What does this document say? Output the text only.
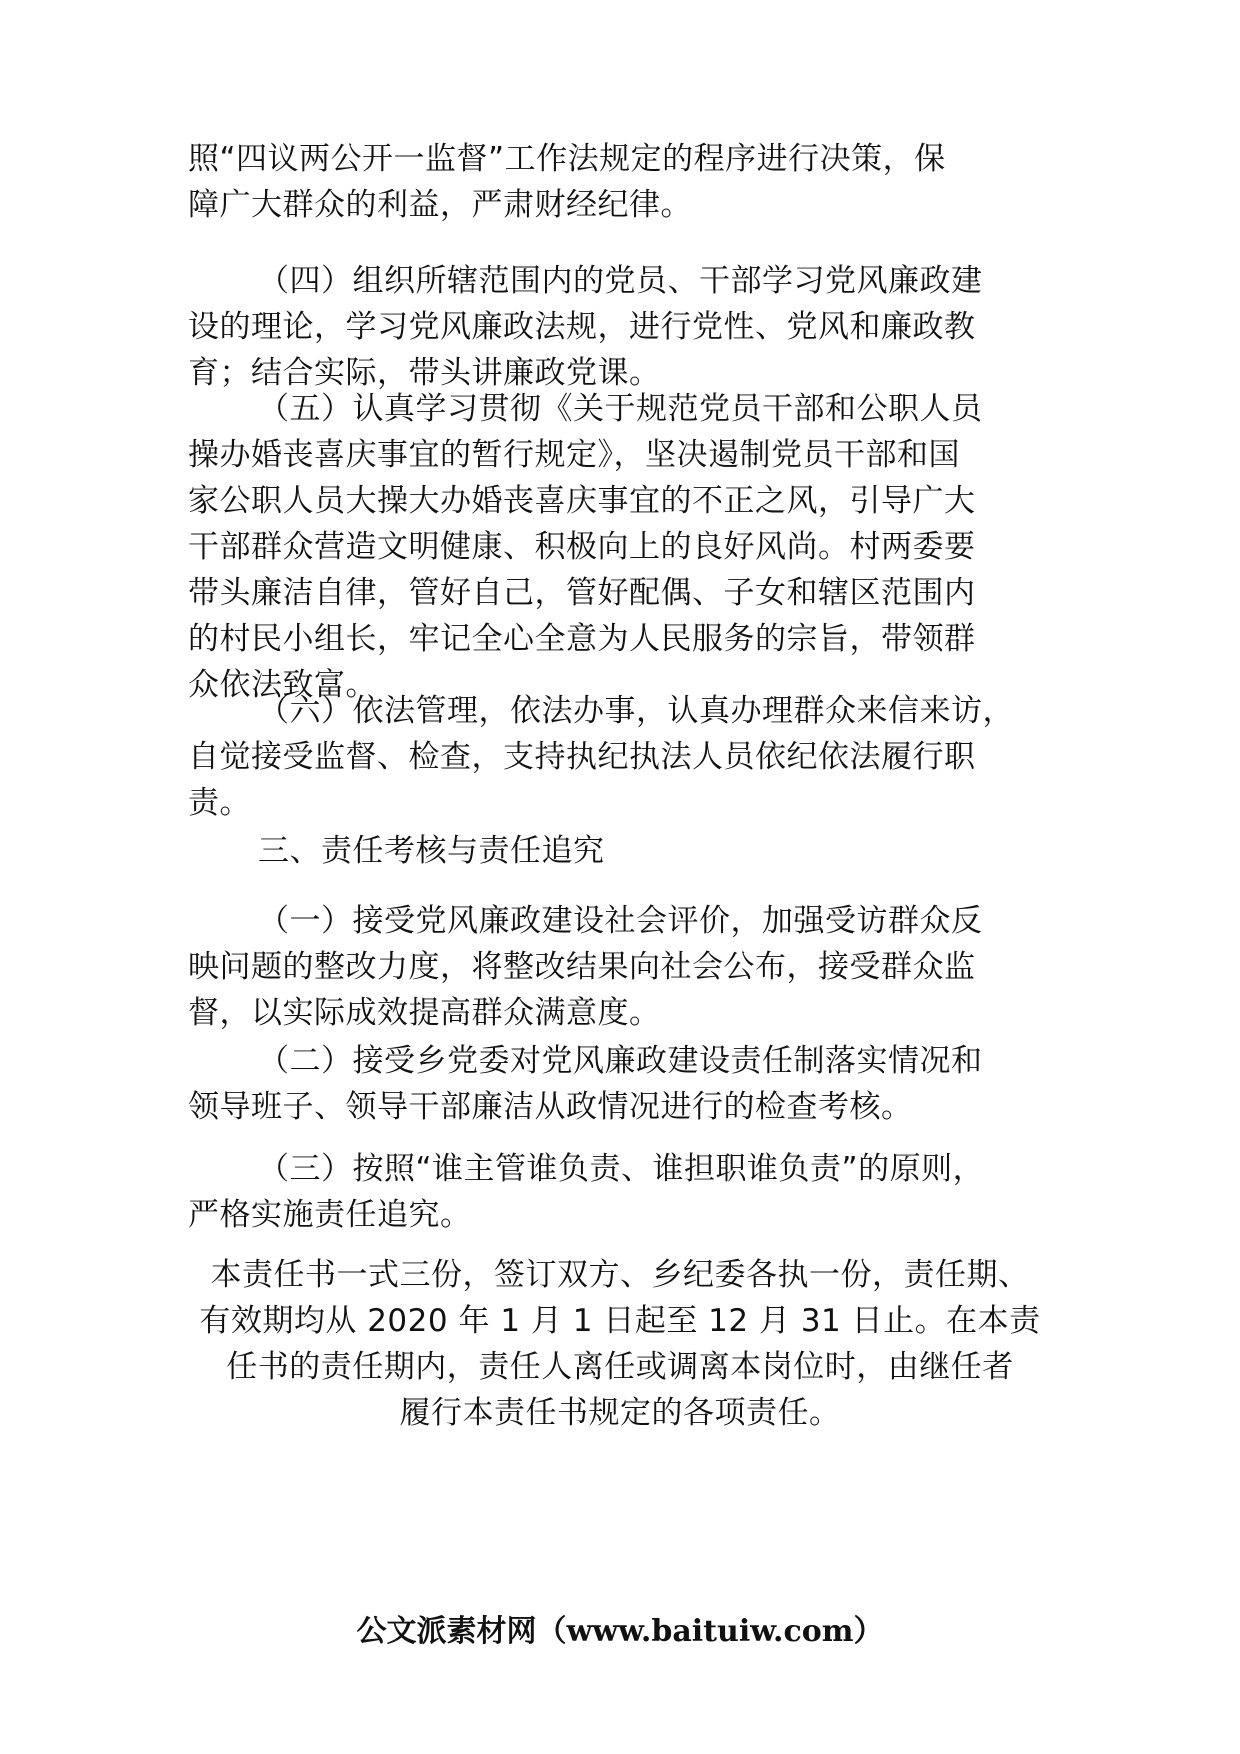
照“四议两公开一监督”工作法规定的程序进行决策，保
障广大群众的利益，严肃财经纪律。

（四）组织所辖范围内的党员、干部学习党风廉政建
设的理论，学习党风廉政法规，进行党性、党风和廉政教
育；结合实际，带头讲廉政党课。

（五）认真学习贯彻《关于规范党员干部和公职人员
操办婚丧喜庆事宜的暂行规定》，坚决遏制党员干部和国
家公职人员大操大办婚丧喜庆事宜的不正之风，引导广大
干部群众营造文明健康、积极向上的良好风尚。村两委要
带头廉洁自律，管好自己，管好配偶、子女和辖区范围内
的村民小组长，牢记全心全意为人民服务的宗旨，带领群
众依法致富。

（六）依法管理，依法办事，认真办理群众来信来访，
自觉接受监督、检查，支持执纪执法人员依纪依法履行职
责。

三、责任考核与责任追究

（一）接受党风廉政建设社会评价，加强受访群众反
映问题的整改力度，将整改结果向社会公布，接受群众监
督，以实际成效提高群众满意度。

（二）接受乡党委对党风廉政建设责任制落实情况和
领导班子、领导干部廉洁从政情况进行的检查考核。

（三）按照“谁主管谁负责、谁担职谁负责”的原则，
严格实施责任追究。

本责任书一式三份，签订双方、乡纪委各执一份，责任期、
有效期均从 2020 年 1 月 1 日起至 12 月 31 日止。在本责
任书的责任期内，责任人离任或调离本岗位时，由继任者
履行本责任书规定的各项责任。
公文派素材网（www.baituiw.com）
